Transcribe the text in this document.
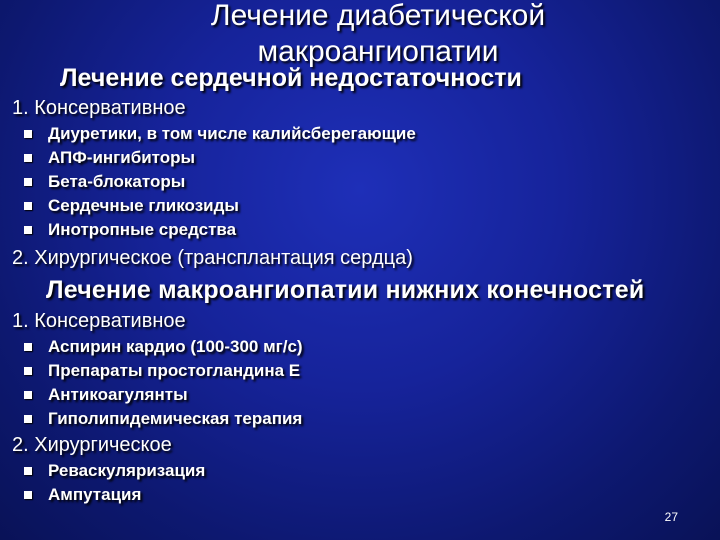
Лечение диабетической
макроангиопатии
Лечение сердечной недостаточности
1. Консервативное
Диуретики, в том числе калийсберегающие
АПФ-ингибиторы
Бета-блокаторы
Сердечные гликозиды
Инотропные средства
2. Хирургическое (трансплантация сердца)
Лечение макроангиопатии нижних конечностей
1. Консервативное
Аспирин кардио (100-300 мг/с)
Препараты простогландина Е
Антикоагулянты
Гиполипидемическая терапия
2. Хирургическое
Реваскуляризация
Ампутация
27
